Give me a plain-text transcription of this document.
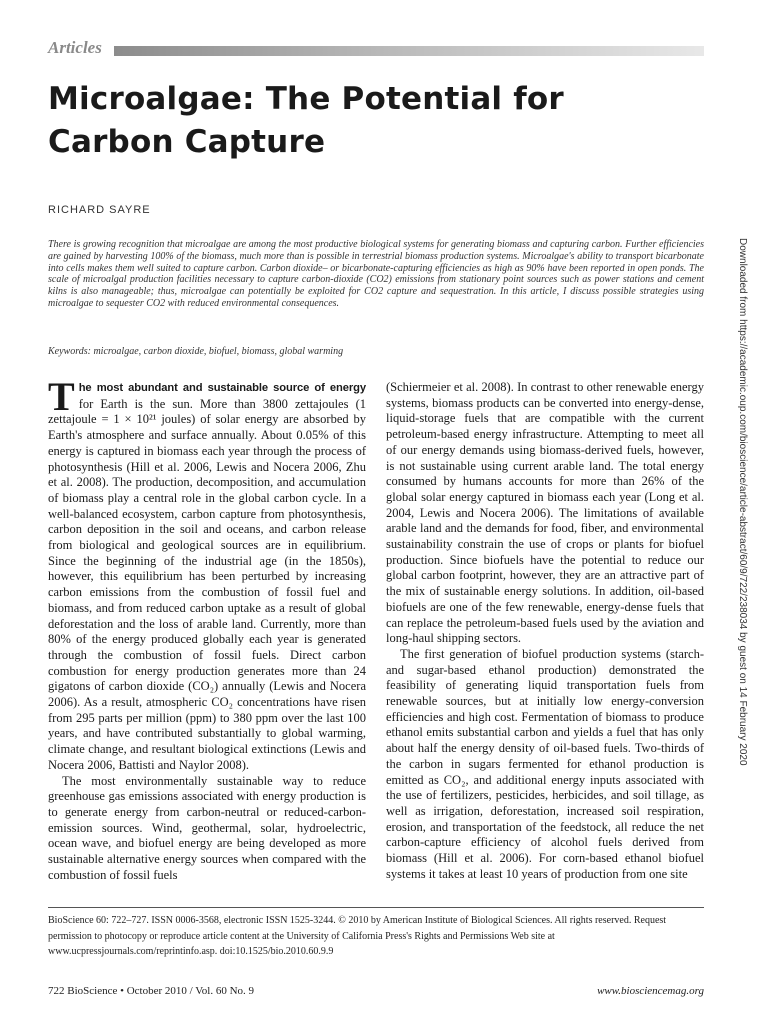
Articles
Microalgae: The Potential for
Carbon Capture
RICHARD SAYRE

There is growing recognition that microalgae are among the most productive biological systems for generating biomass and capturing carbon. Further efficiencies are gained by harvesting 100% of the biomass, much more than is possible in terrestrial biomass production systems. Microalgae's ability to transport bicarbonate into cells makes them well suited to capture carbon. Carbon dioxide– or bicarbonate-capturing efficiencies as high as 90% have been reported in open ponds. The scale of microalgal production facilities necessary to capture carbon-dioxide (CO2) emissions from stationary point sources such as power stations and cement kilns is also manageable; thus, microalgae can potentially be exploited for CO2 capture and sequestration. In this article, I discuss possible strategies using microalgae to sequester CO2 with reduced environmental consequences.

Keywords: microalgae, carbon dioxide, biofuel, biomass, global warming

The most abundant and sustainable source of energy for Earth is the sun. More than 3800 zettajoules (1 zettajoule = 1 × 10²¹ joules) of solar energy are absorbed by Earth's atmosphere and surface annually. About 0.05% of this energy is captured in biomass each year through the process of photosynthesis (Hill et al. 2006, Lewis and Nocera 2006, Zhu et al. 2008). The production, decomposition, and accumulation of biomass play a central role in the global carbon cycle. In a well-balanced ecosystem, carbon capture from photosynthesis, carbon deposition in the soil and oceans, and carbon release from biological and geological sources are in equilibrium. Since the beginning of the industrial age (in the 1850s), however, this equilibrium has been perturbed by increasing carbon emissions from the combustion of fossil fuel and biomass, and from reduced carbon uptake as a result of global deforestation and the loss of arable land. Currently, more than 80% of the energy produced globally each year is generated through the combustion of fossil fuels. Direct carbon combustion for energy production generates more than 24 gigatons of carbon dioxide (CO₂) annually (Lewis and Nocera 2006). As a result, atmospheric CO₂ concentrations have risen from 295 parts per million (ppm) to 380 ppm over the last 100 years, and have contributed substantially to global warming, climate change, and resultant biological extinctions (Lewis and Nocera 2006, Battisti and Naylor 2008).

The most environmentally sustainable way to reduce greenhouse gas emissions associated with energy production is to generate energy from carbon-neutral or reduced-carbon-emission sources. Wind, geothermal, solar, hydroelectric, ocean wave, and biofuel energy are being developed as more sustainable alternative energy sources when compared with the combustion of fossil fuels

(Schiermeier et al. 2008). In contrast to other renewable energy systems, biomass products can be converted into energy-dense, liquid-storage fuels that are compatible with the current petroleum-based energy infrastructure. Attempting to meet all of our energy demands using biomass-derived fuels, however, is not sustainable using current arable land. The total energy consumed by humans accounts for more than 26% of the global solar energy captured in biomass each year (Long et al. 2004, Lewis and Nocera 2006). The limitations of available arable land and the demands for food, fiber, and environmental sustainability constrain the use of crops or plants for biofuel production. Since biofuels have the potential to reduce our global carbon footprint, however, they are an attractive part of the mix of sustainable energy solutions. In addition, oil-based biofuels are one of the few renewable, energy-dense fuels that can replace the petroleum-based fuels used by the aviation and long-haul shipping sectors.

The first generation of biofuel production systems (starch- and sugar-based ethanol production) demonstrated the feasibility of generating liquid transportation fuels from renewable sources, but at initially low energy-conversion efficiencies and high cost. Fermentation of biomass to produce ethanol emits substantial carbon and yields a fuel that has only about half the energy density of oil-based fuels. Two-thirds of the carbon in sugars fermented for ethanol production is emitted as CO₂, and additional energy inputs associated with the use of fertilizers, pesticides, herbicides, and soil tillage, as well as irrigation, deforestation, increased soil respiration, erosion, and transportation of the feedstock, all reduce the net carbon-capture efficiency of alcohol fuels derived from biomass (Hill et al. 2006). For corn-based ethanol biofuel systems it takes at least 10 years of production from one site

BioScience 60: 722–727. ISSN 0006-3568, electronic ISSN 1525-3244. © 2010 by American Institute of Biological Sciences. All rights reserved. Request permission to photocopy or reproduce article content at the University of California Press's Rights and Permissions Web site at www.ucpressjournals.com/reprintinfo.asp. doi:10.1525/bio.2010.60.9.9

722 BioScience • October 2010 / Vol. 60 No. 9	www.biosciencemag.org
Downloaded from https://academic.oup.com/bioscience/article-abstract/60/9/722/238034 by guest on 14 February 2020
